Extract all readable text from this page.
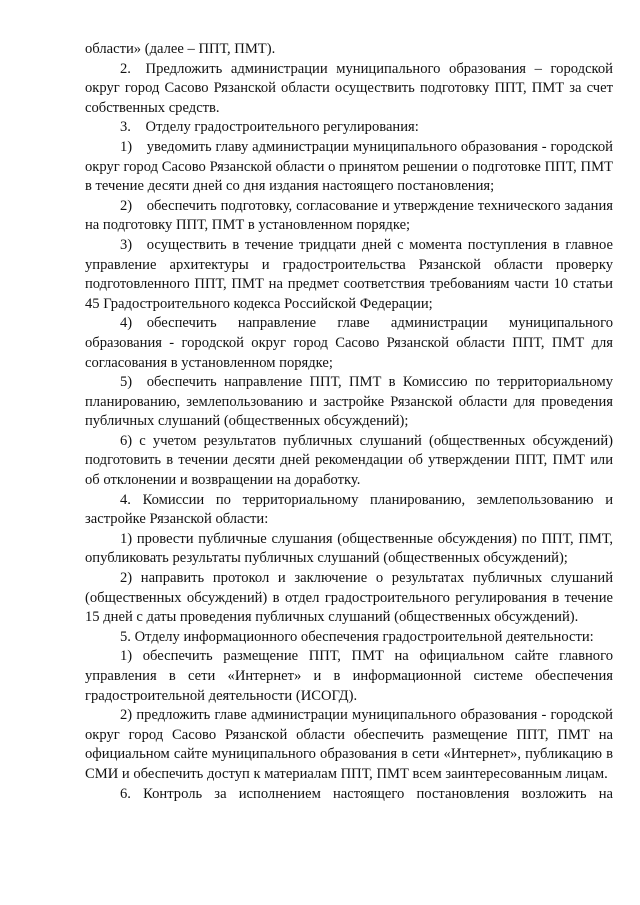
области» (далее – ППТ, ПМТ).

2. Предложить администрации муниципального образования – городской округ город Сасово Рязанской области осуществить подготовку ППТ, ПМТ за счет собственных средств.

3. Отделу градостроительного регулирования:

1) уведомить главу администрации муниципального образования - городской округ город Сасово Рязанской области о принятом решении о подготовке ППТ, ПМТ в течение десяти дней со дня издания настоящего постановления;

2) обеспечить подготовку, согласование и утверждение технического задания на подготовку ППТ, ПМТ в установленном порядке;

3) осуществить в течение тридцати дней с момента поступления в главное управление архитектуры и градостроительства Рязанской области проверку подготовленного ППТ, ПМТ на предмет соответствия требованиям части 10 статьи 45 Градостроительного кодекса Российской Федерации;

4) обеспечить направление главе администрации муниципального образования - городской округ город Сасово Рязанской области ППТ, ПМТ для согласования в установленном порядке;

5) обеспечить направление ППТ, ПМТ в Комиссию по территориальному планированию, землепользованию и застройке Рязанской области для проведения публичных слушаний (общественных обсуждений);

6) с учетом результатов публичных слушаний (общественных обсуждений) подготовить в течении десяти дней рекомендации об утверждении ППТ, ПМТ или об отклонении и возвращении на доработку.

4. Комиссии по территориальному планированию, землепользованию и застройке Рязанской области:

1) провести публичные слушания (общественные обсуждения) по ППТ, ПМТ, опубликовать результаты публичных слушаний (общественных обсуждений);

2) направить протокол и заключение о результатах публичных слушаний (общественных обсуждений) в отдел градостроительного регулирования в течение 15 дней с даты проведения публичных слушаний (общественных обсуждений).

5. Отделу информационного обеспечения градостроительной деятельности:

1) обеспечить размещение ППТ, ПМТ на официальном сайте главного управления в сети «Интернет» и в информационной системе обеспечения градостроительной деятельности (ИСОГД).

2) предложить главе администрации муниципального образования - городской округ город Сасово Рязанской области обеспечить размещение ППТ, ПМТ на официальном сайте муниципального образования в сети «Интернет», публикацию в СМИ и обеспечить доступ к материалам ППТ, ПМТ всем заинтересованным лицам.

6. Контроль за исполнением настоящего постановления возложить на
